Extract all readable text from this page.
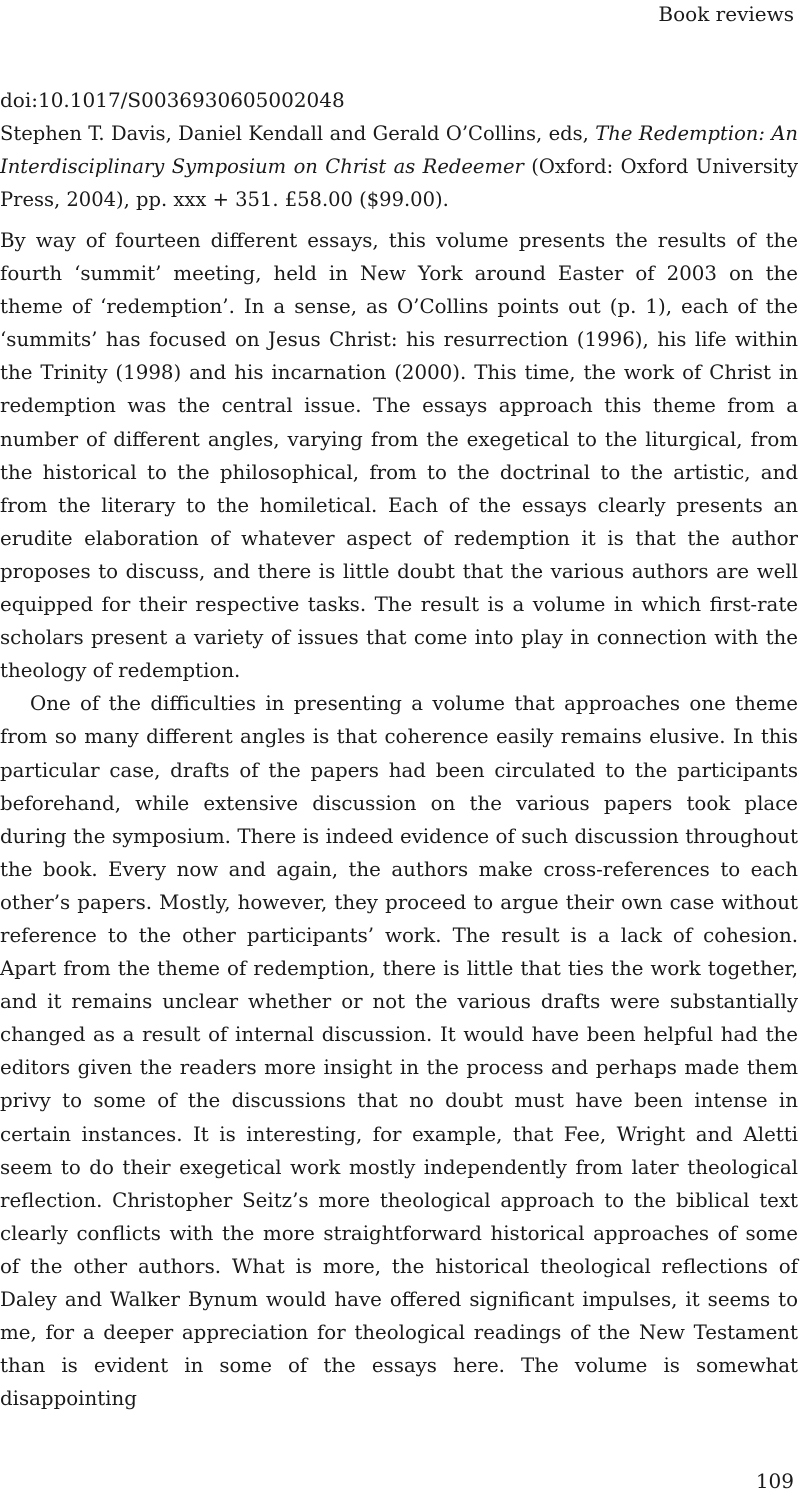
Book reviews
doi:10.1017/S0036930605002048
Stephen T. Davis, Daniel Kendall and Gerald O’Collins, eds, The Redemption: An Interdisciplinary Symposium on Christ as Redeemer (Oxford: Oxford University Press, 2004), pp. xxx + 351. £58.00 ($99.00).

By way of fourteen different essays, this volume presents the results of the fourth ‘summit’ meeting, held in New York around Easter of 2003 on the theme of ‘redemption’. In a sense, as O’Collins points out (p. 1), each of the ‘summits’ has focused on Jesus Christ: his resurrection (1996), his life within the Trinity (1998) and his incarnation (2000). This time, the work of Christ in redemption was the central issue. The essays approach this theme from a number of different angles, varying from the exegetical to the liturgical, from the historical to the philosophical, from to the doctrinal to the artistic, and from the literary to the homiletical. Each of the essays clearly presents an erudite elaboration of whatever aspect of redemption it is that the author proposes to discuss, and there is little doubt that the various authors are well equipped for their respective tasks. The result is a volume in which first-rate scholars present a variety of issues that come into play in connection with the theology of redemption.

One of the difficulties in presenting a volume that approaches one theme from so many different angles is that coherence easily remains elusive. In this particular case, drafts of the papers had been circulated to the participants beforehand, while extensive discussion on the various papers took place during the symposium. There is indeed evidence of such discussion throughout the book. Every now and again, the authors make cross-references to each other’s papers. Mostly, however, they proceed to argue their own case without reference to the other participants’ work. The result is a lack of cohesion. Apart from the theme of redemption, there is little that ties the work together, and it remains unclear whether or not the various drafts were substantially changed as a result of internal discussion. It would have been helpful had the editors given the readers more insight in the process and perhaps made them privy to some of the discussions that no doubt must have been intense in certain instances. It is interesting, for example, that Fee, Wright and Aletti seem to do their exegetical work mostly independently from later theological reflection. Christopher Seitz’s more theological approach to the biblical text clearly conflicts with the more straightforward historical approaches of some of the other authors. What is more, the historical theological reflections of Daley and Walker Bynum would have offered significant impulses, it seems to me, for a deeper appreciation for theological readings of the New Testament than is evident in some of the essays here. The volume is somewhat disappointing

109
